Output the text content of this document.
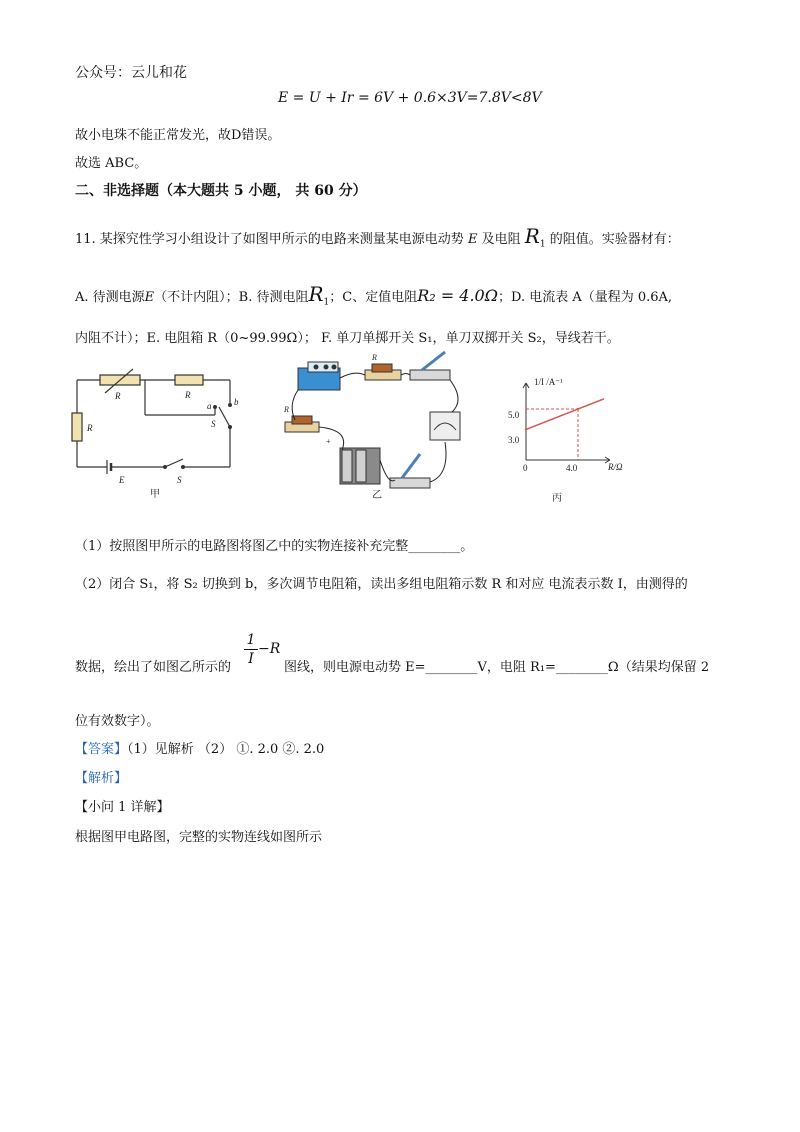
公众号：云儿和花
E = U + Ir = 6V + 0.6×3V=7.8V<8V
故小电珠不能正常发光，故D错误。
故选 ABC。
二、非选择题（本大题共 5 小题， 共 60 分）
11. 某探究性学习小组设计了如图甲所示的电路来测量某电源电动势 E 及电阻 $R_1$ 的阻值。实验器材有：
A. 待测电源E（不计内阻）；B. 待测电阻$R_1$；C、定值电阻R₂ = 4.0Ω；D. 电流表 A（量程为 0.6A,
内阻不计）；E. 电阻箱 R（0~99.99Ω）； F. 单刀单掷开关 S₁，单刀双掷开关 S₂，导线若干。
R	R
R
a	b
S
E	S
甲
R
R
+
乙
1/I /A⁻¹
R/Ω
5.0
3.0
0	4.0
丙
（1）按照图甲所示的电路图将图乙中的实物连接补充完整________。
（2）闭合 S₁，将 S₂ 切换到 b，多次调节电阻箱，读出多组电阻箱示数 R 和对应 电流表示数 I，由测得的
数据，绘出了如图乙所示的
1
I
−R
图线，则电源电动势 E=________V，电阻 R₁=________Ω（结果均保留 2
位有效数字）。
【答案】（1）见解析 （2） ①. 2.0 ②. 2.0
【解析】
【小问 1 详解】
根据图甲电路图，完整的实物连线如图所示
